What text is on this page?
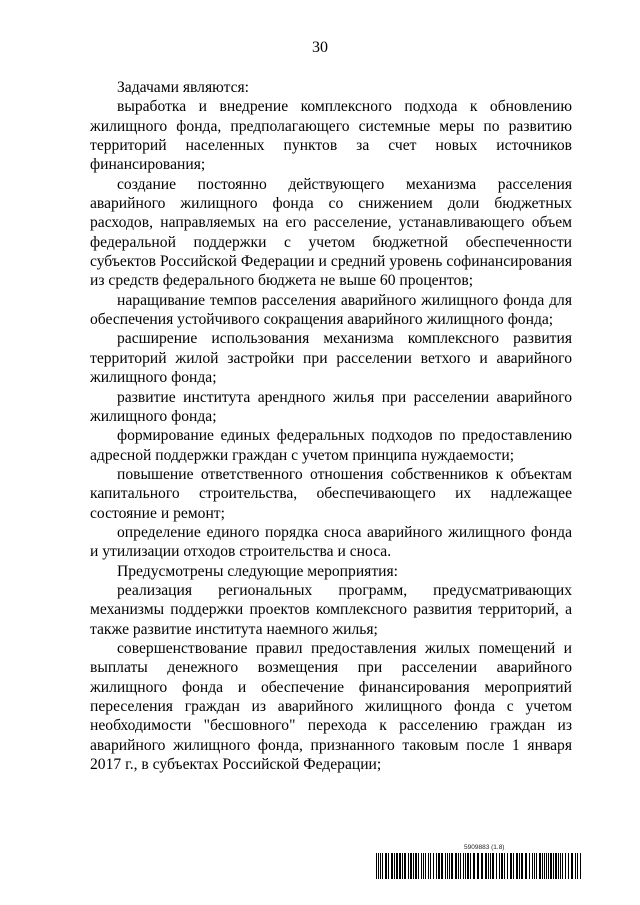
30

Задачами являются:

выработка и внедрение комплексного подхода к обновлению жилищного фонда, предполагающего системные меры по развитию территорий населенных пунктов за счет новых источников финансирования;

создание постоянно действующего механизма расселения аварийного жилищного фонда со снижением доли бюджетных расходов, направляемых на его расселение, устанавливающего объем федеральной поддержки с учетом бюджетной обеспеченности субъектов Российской Федерации и средний уровень софинансирования из средств федерального бюджета не выше 60 процентов;

наращивание темпов расселения аварийного жилищного фонда для обеспечения устойчивого сокращения аварийного жилищного фонда;

расширение использования механизма комплексного развития территорий жилой застройки при расселении ветхого и аварийного жилищного фонда;

развитие института арендного жилья при расселении аварийного жилищного фонда;

формирование единых федеральных подходов по предоставлению адресной поддержки граждан с учетом принципа нуждаемости;

повышение ответственного отношения собственников к объектам капитального строительства, обеспечивающего их надлежащее состояние и ремонт;

определение единого порядка сноса аварийного жилищного фонда и утилизации отходов строительства и сноса.

Предусмотрены следующие мероприятия:

реализация региональных программ, предусматривающих механизмы поддержки проектов комплексного развития территорий, а также развитие института наемного жилья;

совершенствование правил предоставления жилых помещений и выплаты денежного возмещения при расселении аварийного жилищного фонда и обеспечение финансирования мероприятий переселения граждан из аварийного жилищного фонда с учетом необходимости "бесшовного" перехода к расселению граждан из аварийного жилищного фонда, признанного таковым после 1 января 2017 г., в субъектах Российской Федерации;

5909883 (1.8)
